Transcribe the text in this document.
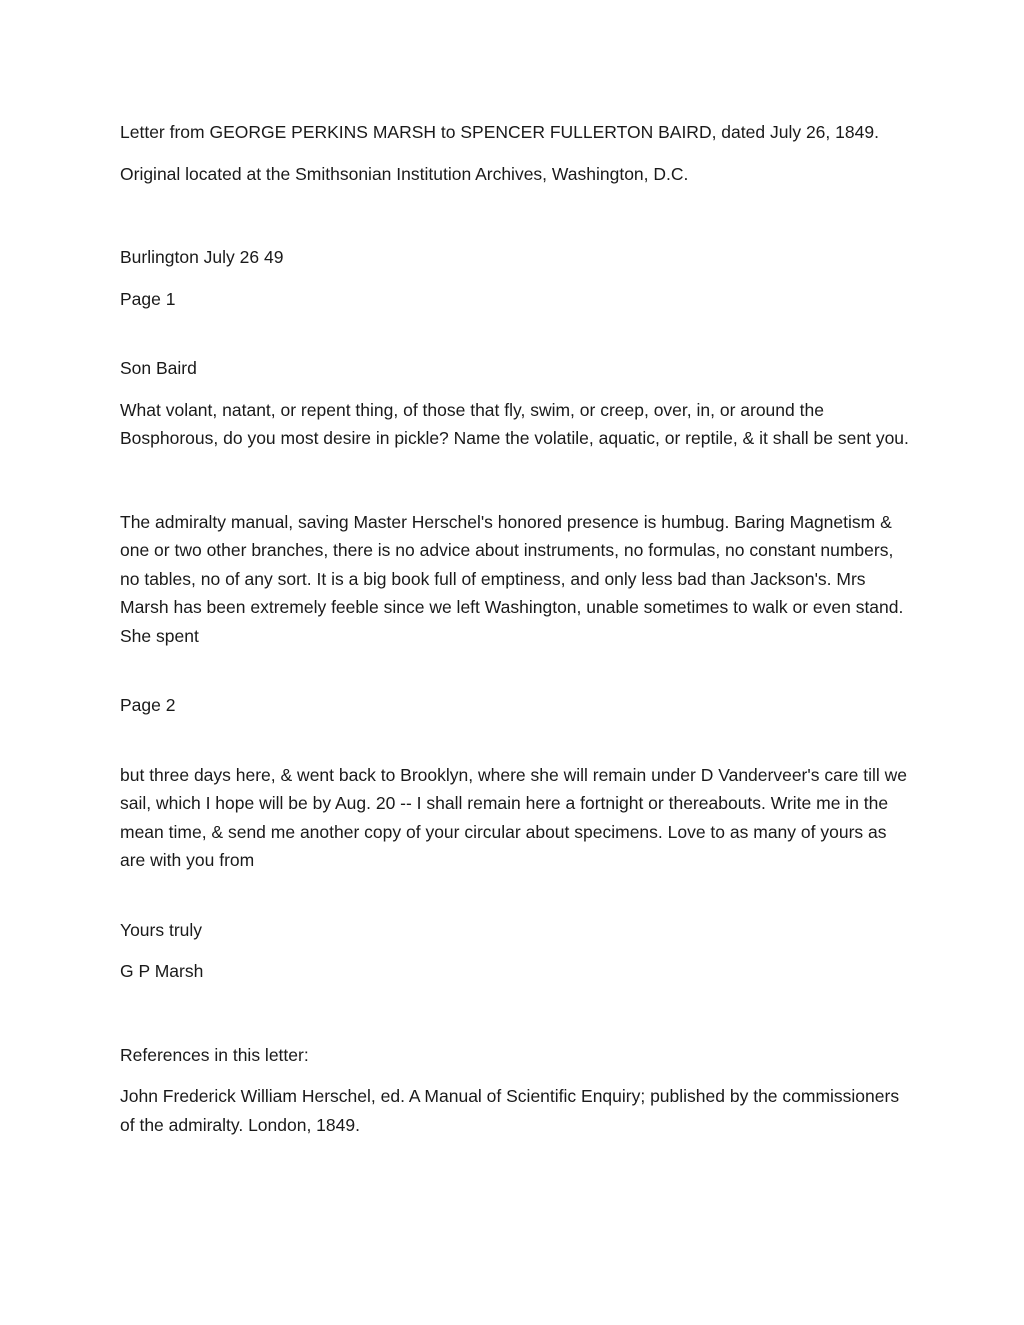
Letter from GEORGE PERKINS MARSH to SPENCER FULLERTON BAIRD, dated July 26, 1849.

Original located at the Smithsonian Institution Archives, Washington, D.C.

Burlington July 26 49

Page 1

Son Baird

What volant, natant, or repent thing, of those that fly, swim, or creep, over, in, or around the Bosphorous, do you most desire in pickle? Name the volatile, aquatic, or reptile, & it shall be sent you.

The admiralty manual, saving Master Herschel's honored presence is humbug. Baring Magnetism & one or two other branches, there is no advice about instruments, no formulas, no constant numbers, no tables, no of any sort. It is a big book full of emptiness, and only less bad than Jackson's. Mrs Marsh has been extremely feeble since we left Washington, unable sometimes to walk or even stand. She spent

Page 2

but three days here, & went back to Brooklyn, where she will remain under D Vanderveer's care till we sail, which I hope will be by Aug. 20 -- I shall remain here a fortnight or thereabouts. Write me in the mean time, & send me another copy of your circular about specimens. Love to as many of yours as are with you from

Yours truly

G P Marsh

References in this letter:

John Frederick William Herschel, ed. A Manual of Scientific Enquiry; published by the commissioners of the admiralty. London, 1849.
